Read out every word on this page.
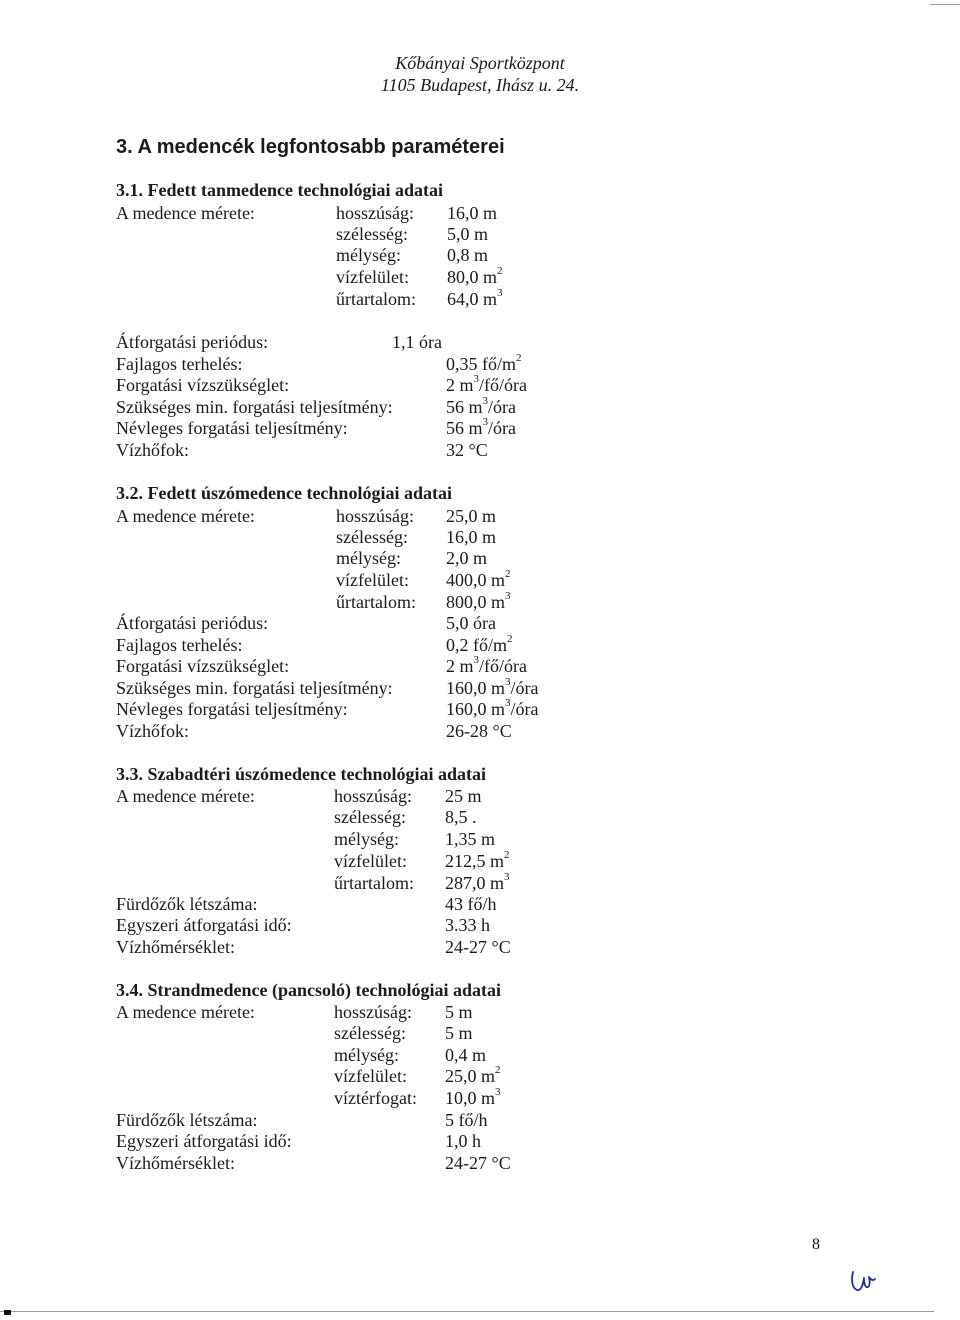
Kőbányai Sportközpont
1105 Budapest, Ihász u. 24.
3. A medencék legfontosabb paraméterei
3.1. Fedett tanmedence technológiai adatai
A medence mérete:	hosszúság: 16,0 m
szélesség: 5,0 m
mélység:	0,8 m
vízfelület: 80,0 $m^2$
űrtartalom: 64,0 $m^3$
Átforgatási periódus:	1,1 óra
Fajlagos terhelés:	0,35 $fő/m^2$
Forgatási vízszükséglet:	2 $m^3/fő$/óra
Szükséges min. forgatási teljesítmény:	56 $m^3$/óra
Névleges forgatási teljesítmény:	56 $m^3$/óra
Vízhőfok:	32 °C
3.2. Fedett úszómedence technológiai adatai
A medence mérete:	hosszúság: 25,0 m
szélesség: 16,0 m
mélység:	2,0 m
vízfelület: 400,0 $m^2$
űrtartalom: 800,0 $m^3$
Átforgatási periódus:	5,0 óra
Fajlagos terhelés:	0,2 $fő/m^2$
Forgatási vízszükséglet:	2 $m^3/fő$/óra
Szükséges min. forgatási teljesítmény:	160,0 $m^3$/óra
Névleges forgatási teljesítmény:	160,0 $m^3$/óra
Vízhőfok:	26-28 °C
3.3. Szabadtéri úszómedence technológiai adatai
A medence mérete:	hosszúság: 25 m
szélesség: 8,5 .
mélység:	1,35 m
vízfelület: 212,5 $m^2$
űrtartalom: 287,0 $m^3$
Fürdőzők létszáma:	43 fő/h
Egyszeri átforgatási idő:	3.33 h
Vízhőmérséklet:	24-27 °C
3.4. Strandmedence (pancsoló) technológiai adatai
A medence mérete:	hosszúság: 5 m
szélesség: 5 m
mélység:	0,4 m
vízfelület: 25,0 $m^2$
víztérfogat: 10,0 $m^3$
Fürdőzők létszáma:	5 fő/h
Egyszeri átforgatási idő:	1,0 h
Vízhőmérséklet:	24-27 °C
8
